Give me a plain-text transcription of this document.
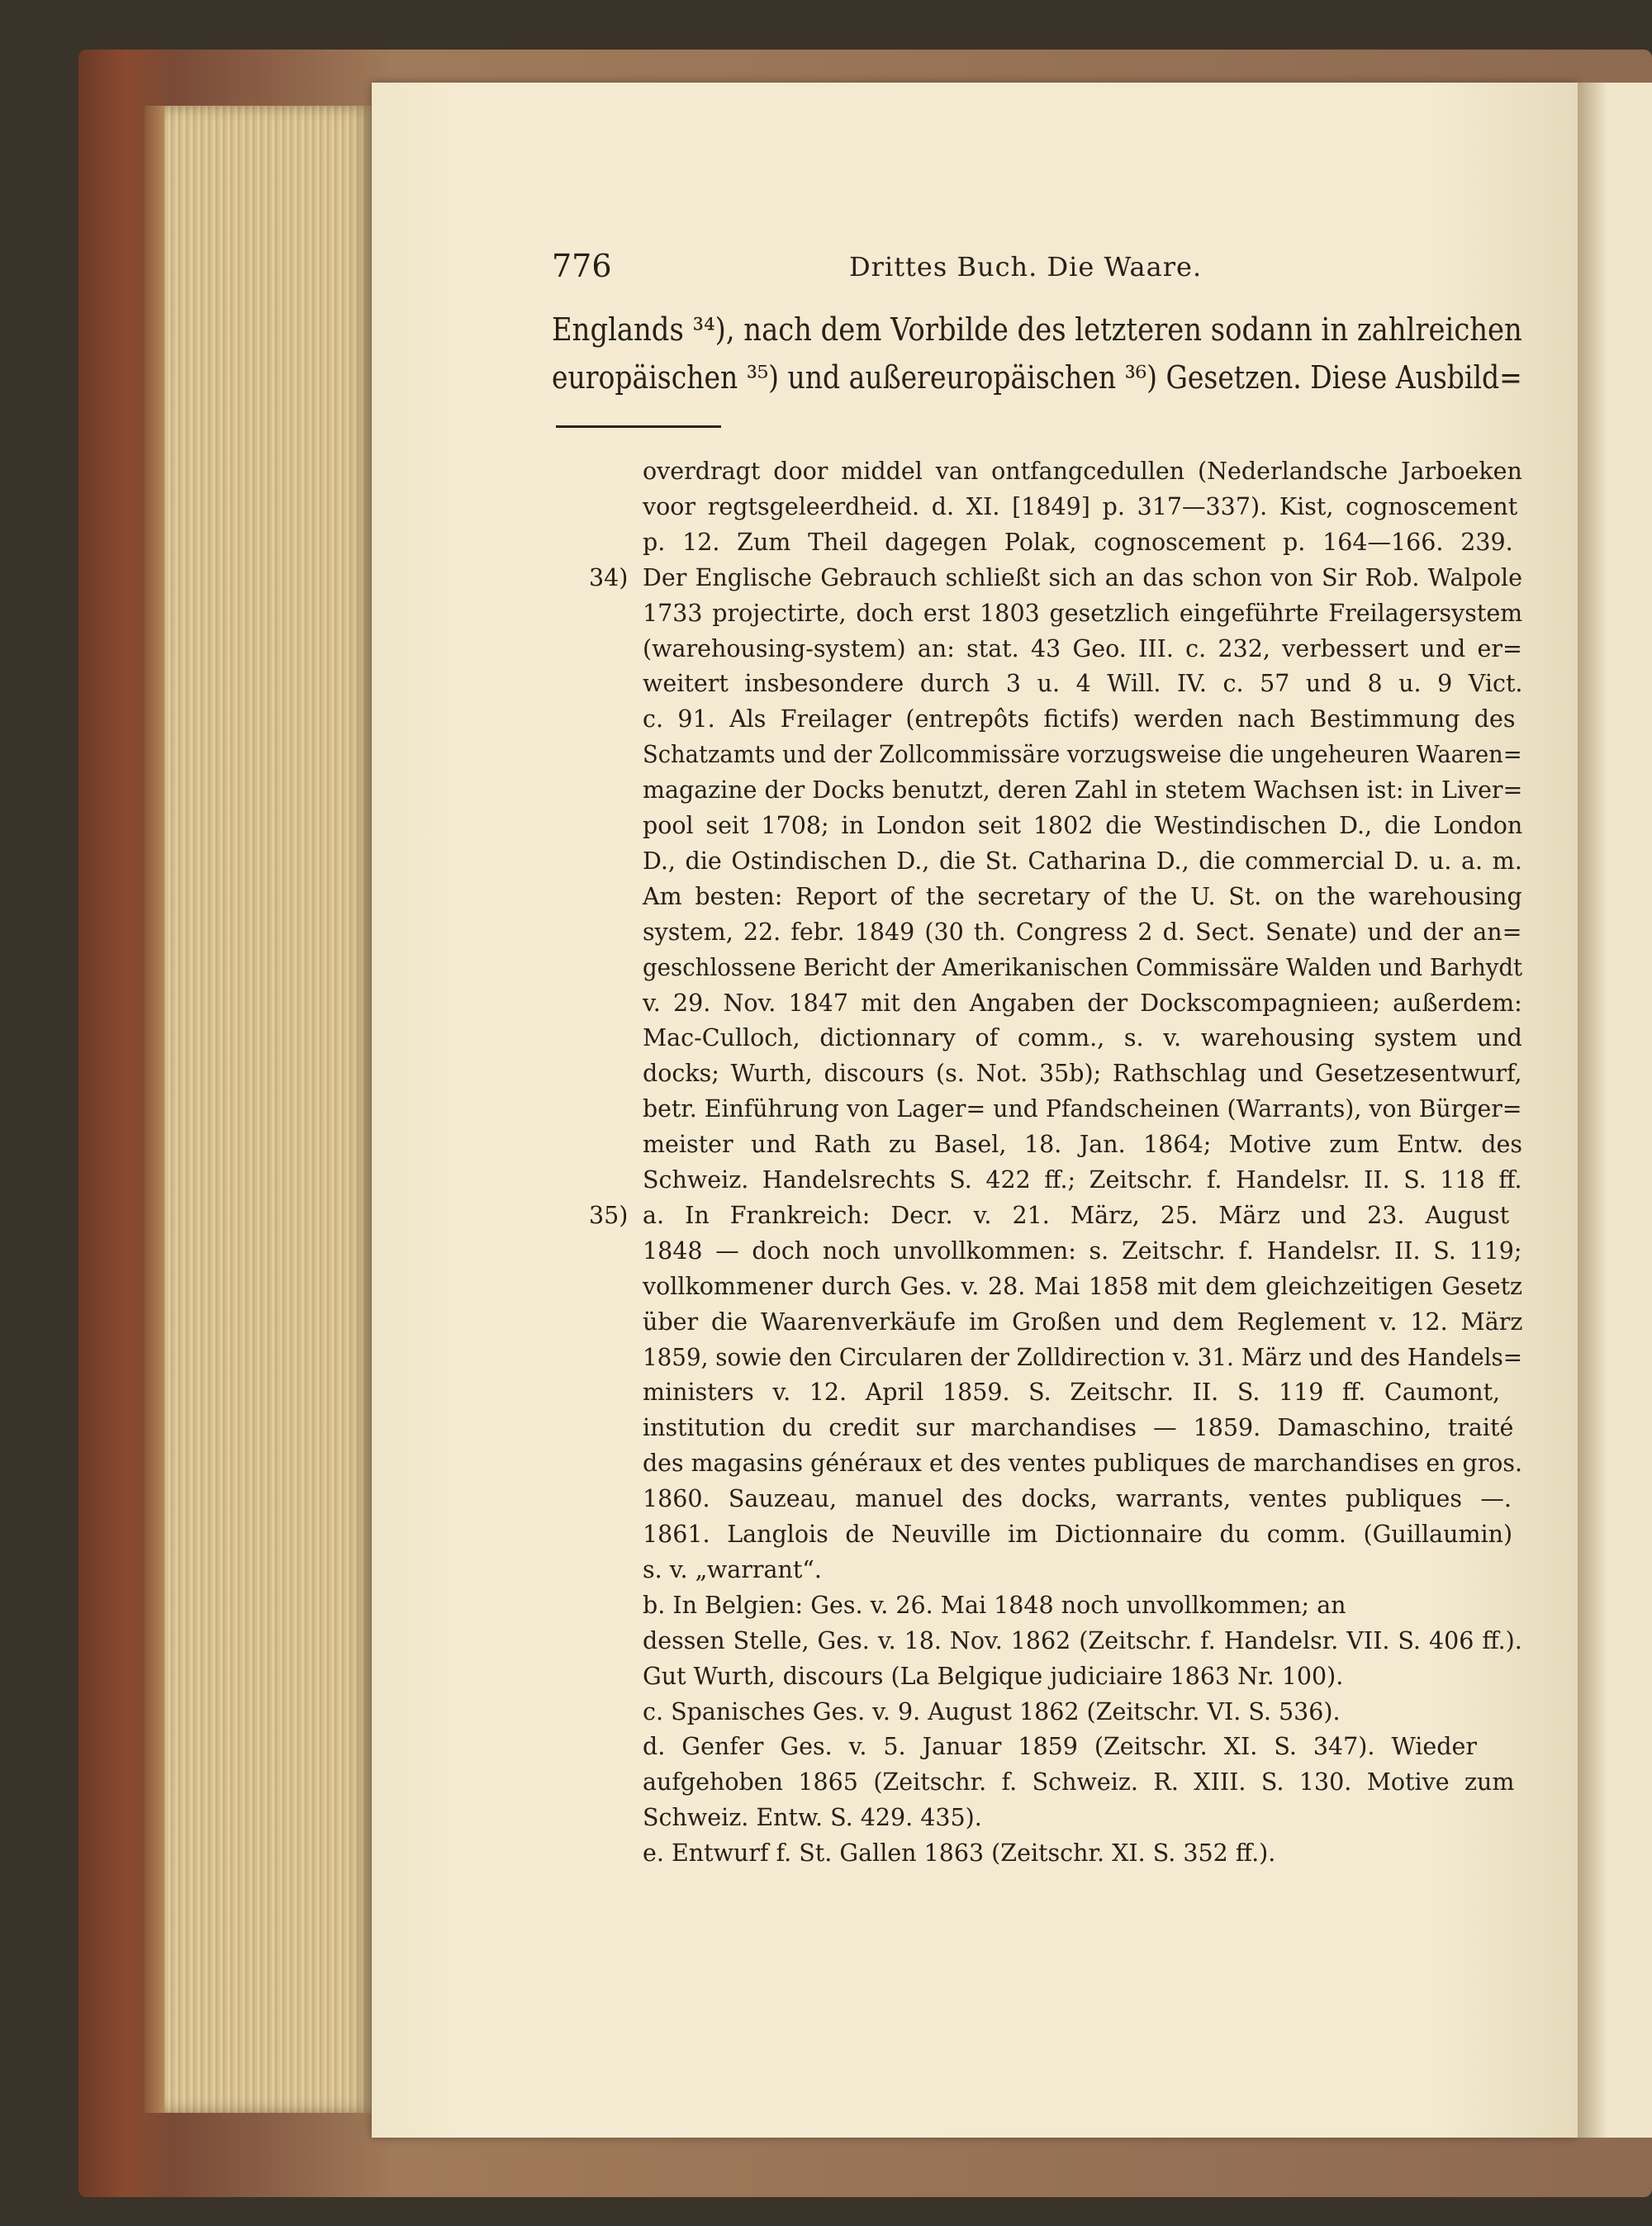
776	Drittes Buch. Die Waare.
Englands ³⁴), nach dem Vorbilde des letzteren sodann in zahlreichen
europäischen ³⁵) und außereuropäischen ³⁶) Gesetzen. Diese Ausbild=
overdragt door middel van ontfangcedullen (Nederlandsche Jarboeken
voor regtsgeleerdheid. d. XI. [1849] p. 317—337). Kist, cognoscement
p. 12. Zum Theil dagegen Polak, cognoscement p. 164—166. 239.
34) Der Englische Gebrauch schließt sich an das schon von Sir Rob. Walpole
1733 projectirte, doch erst 1803 gesetzlich eingeführte Freilagersystem
(warehousing-system) an: stat. 43 Geo. III. c. 232, verbessert und er=
weitert insbesondere durch 3 u. 4 Will. IV. c. 57 und 8 u. 9 Vict.
c. 91. Als Freilager (entrepôts fictifs) werden nach Bestimmung des
Schatzamts und der Zollcommissäre vorzugsweise die ungeheuren Waaren=
magazine der Docks benutzt, deren Zahl in stetem Wachsen ist: in Liver=
pool seit 1708; in London seit 1802 die Westindischen D., die London
D., die Ostindischen D., die St. Catharina D., die commercial D. u. a. m.
Am besten: Report of the secretary of the U. St. on the warehousing
system, 22. febr. 1849 (30 th. Congress 2 d. Sect. Senate) und der an=
geschlossene Bericht der Amerikanischen Commissäre Walden und Barhydt
v. 29. Nov. 1847 mit den Angaben der Dockscompagnieen; außerdem:
Mac-Culloch, dictionnary of comm., s. v. warehousing system und
docks; Wurth, discours (s. Not. 35b); Rathschlag und Gesetzesentwurf,
betr. Einführung von Lager= und Pfandscheinen (Warrants), von Bürger=
meister und Rath zu Basel, 18. Jan. 1864; Motive zum Entw. des
Schweiz. Handelsrechts S. 422 ff.; Zeitschr. f. Handelsr. II. S. 118 ff.
35) a. In Frankreich: Decr. v. 21. März, 25. März und 23. August
1848 — doch noch unvollkommen: s. Zeitschr. f. Handelsr. II. S. 119;
vollkommener durch Ges. v. 28. Mai 1858 mit dem gleichzeitigen Gesetz
über die Waarenverkäufe im Großen und dem Reglement v. 12. März
1859, sowie den Circularen der Zolldirection v. 31. März und des Handels=
ministers v. 12. April 1859. S. Zeitschr. II. S. 119 ff. Caumont,
institution du credit sur marchandises — 1859. Damaschino, traité
des magasins généraux et des ventes publiques de marchandises en gros.
1860. Sauzeau, manuel des docks, warrants, ventes publiques —.
1861. Langlois de Neuville im Dictionnaire du comm. (Guillaumin)
s. v. „warrant“.
b. In Belgien: Ges. v. 26. Mai 1848 noch unvollkommen; an
dessen Stelle, Ges. v. 18. Nov. 1862 (Zeitschr. f. Handelsr. VII. S. 406 ff.).
Gut Wurth, discours (La Belgique judiciaire 1863 Nr. 100).
c. Spanisches Ges. v. 9. August 1862 (Zeitschr. VI. S. 536).
d. Genfer Ges. v. 5. Januar 1859 (Zeitschr. XI. S. 347). Wieder
aufgehoben 1865 (Zeitschr. f. Schweiz. R. XIII. S. 130. Motive zum
Schweiz. Entw. S. 429. 435).
e. Entwurf f. St. Gallen 1863 (Zeitschr. XI. S. 352 ff.).
